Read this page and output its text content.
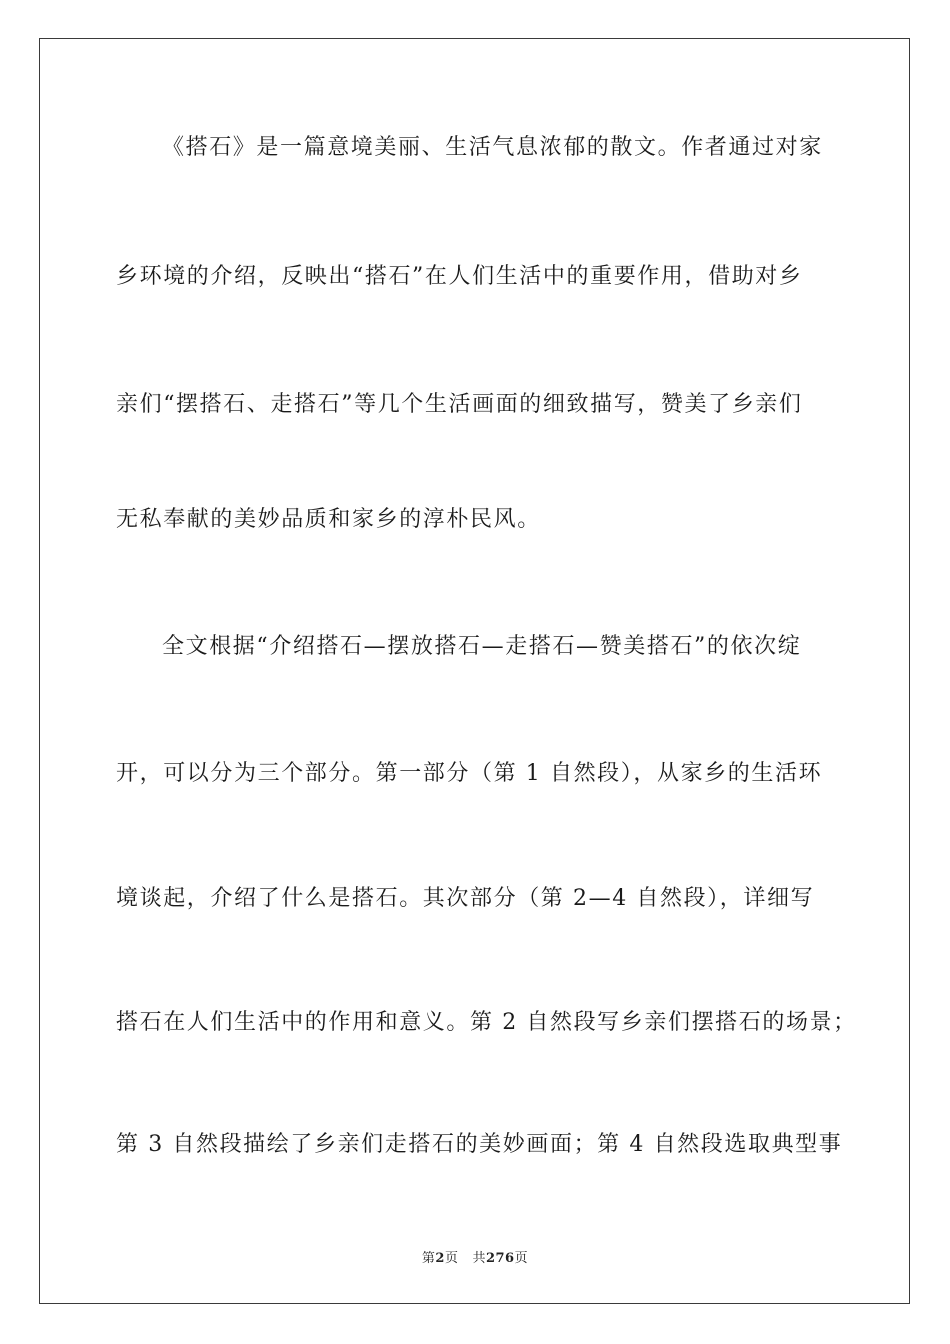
《搭石》是一篇意境美丽、生活气息浓郁的散文。作者通过对家

乡环境的介绍，反映出“搭石”在人们生活中的重要作用，借助对乡

亲们“摆搭石、走搭石”等几个生活画面的细致描写，赞美了乡亲们

无私奉献的美妙品质和家乡的淳朴民风。

全文根据“介绍搭石—摆放搭石—走搭石—赞美搭石”的依次绽

开，可以分为三个部分。第一部分（第 1 自然段），从家乡的生活环

境谈起，介绍了什么是搭石。其次部分（第 2—4 自然段），详细写

搭石在人们生活中的作用和意义。第 2 自然段写乡亲们摆搭石的场景；

第 3 自然段描绘了乡亲们走搭石的美妙画面；第 4 自然段选取典型事

第2页 共276页
